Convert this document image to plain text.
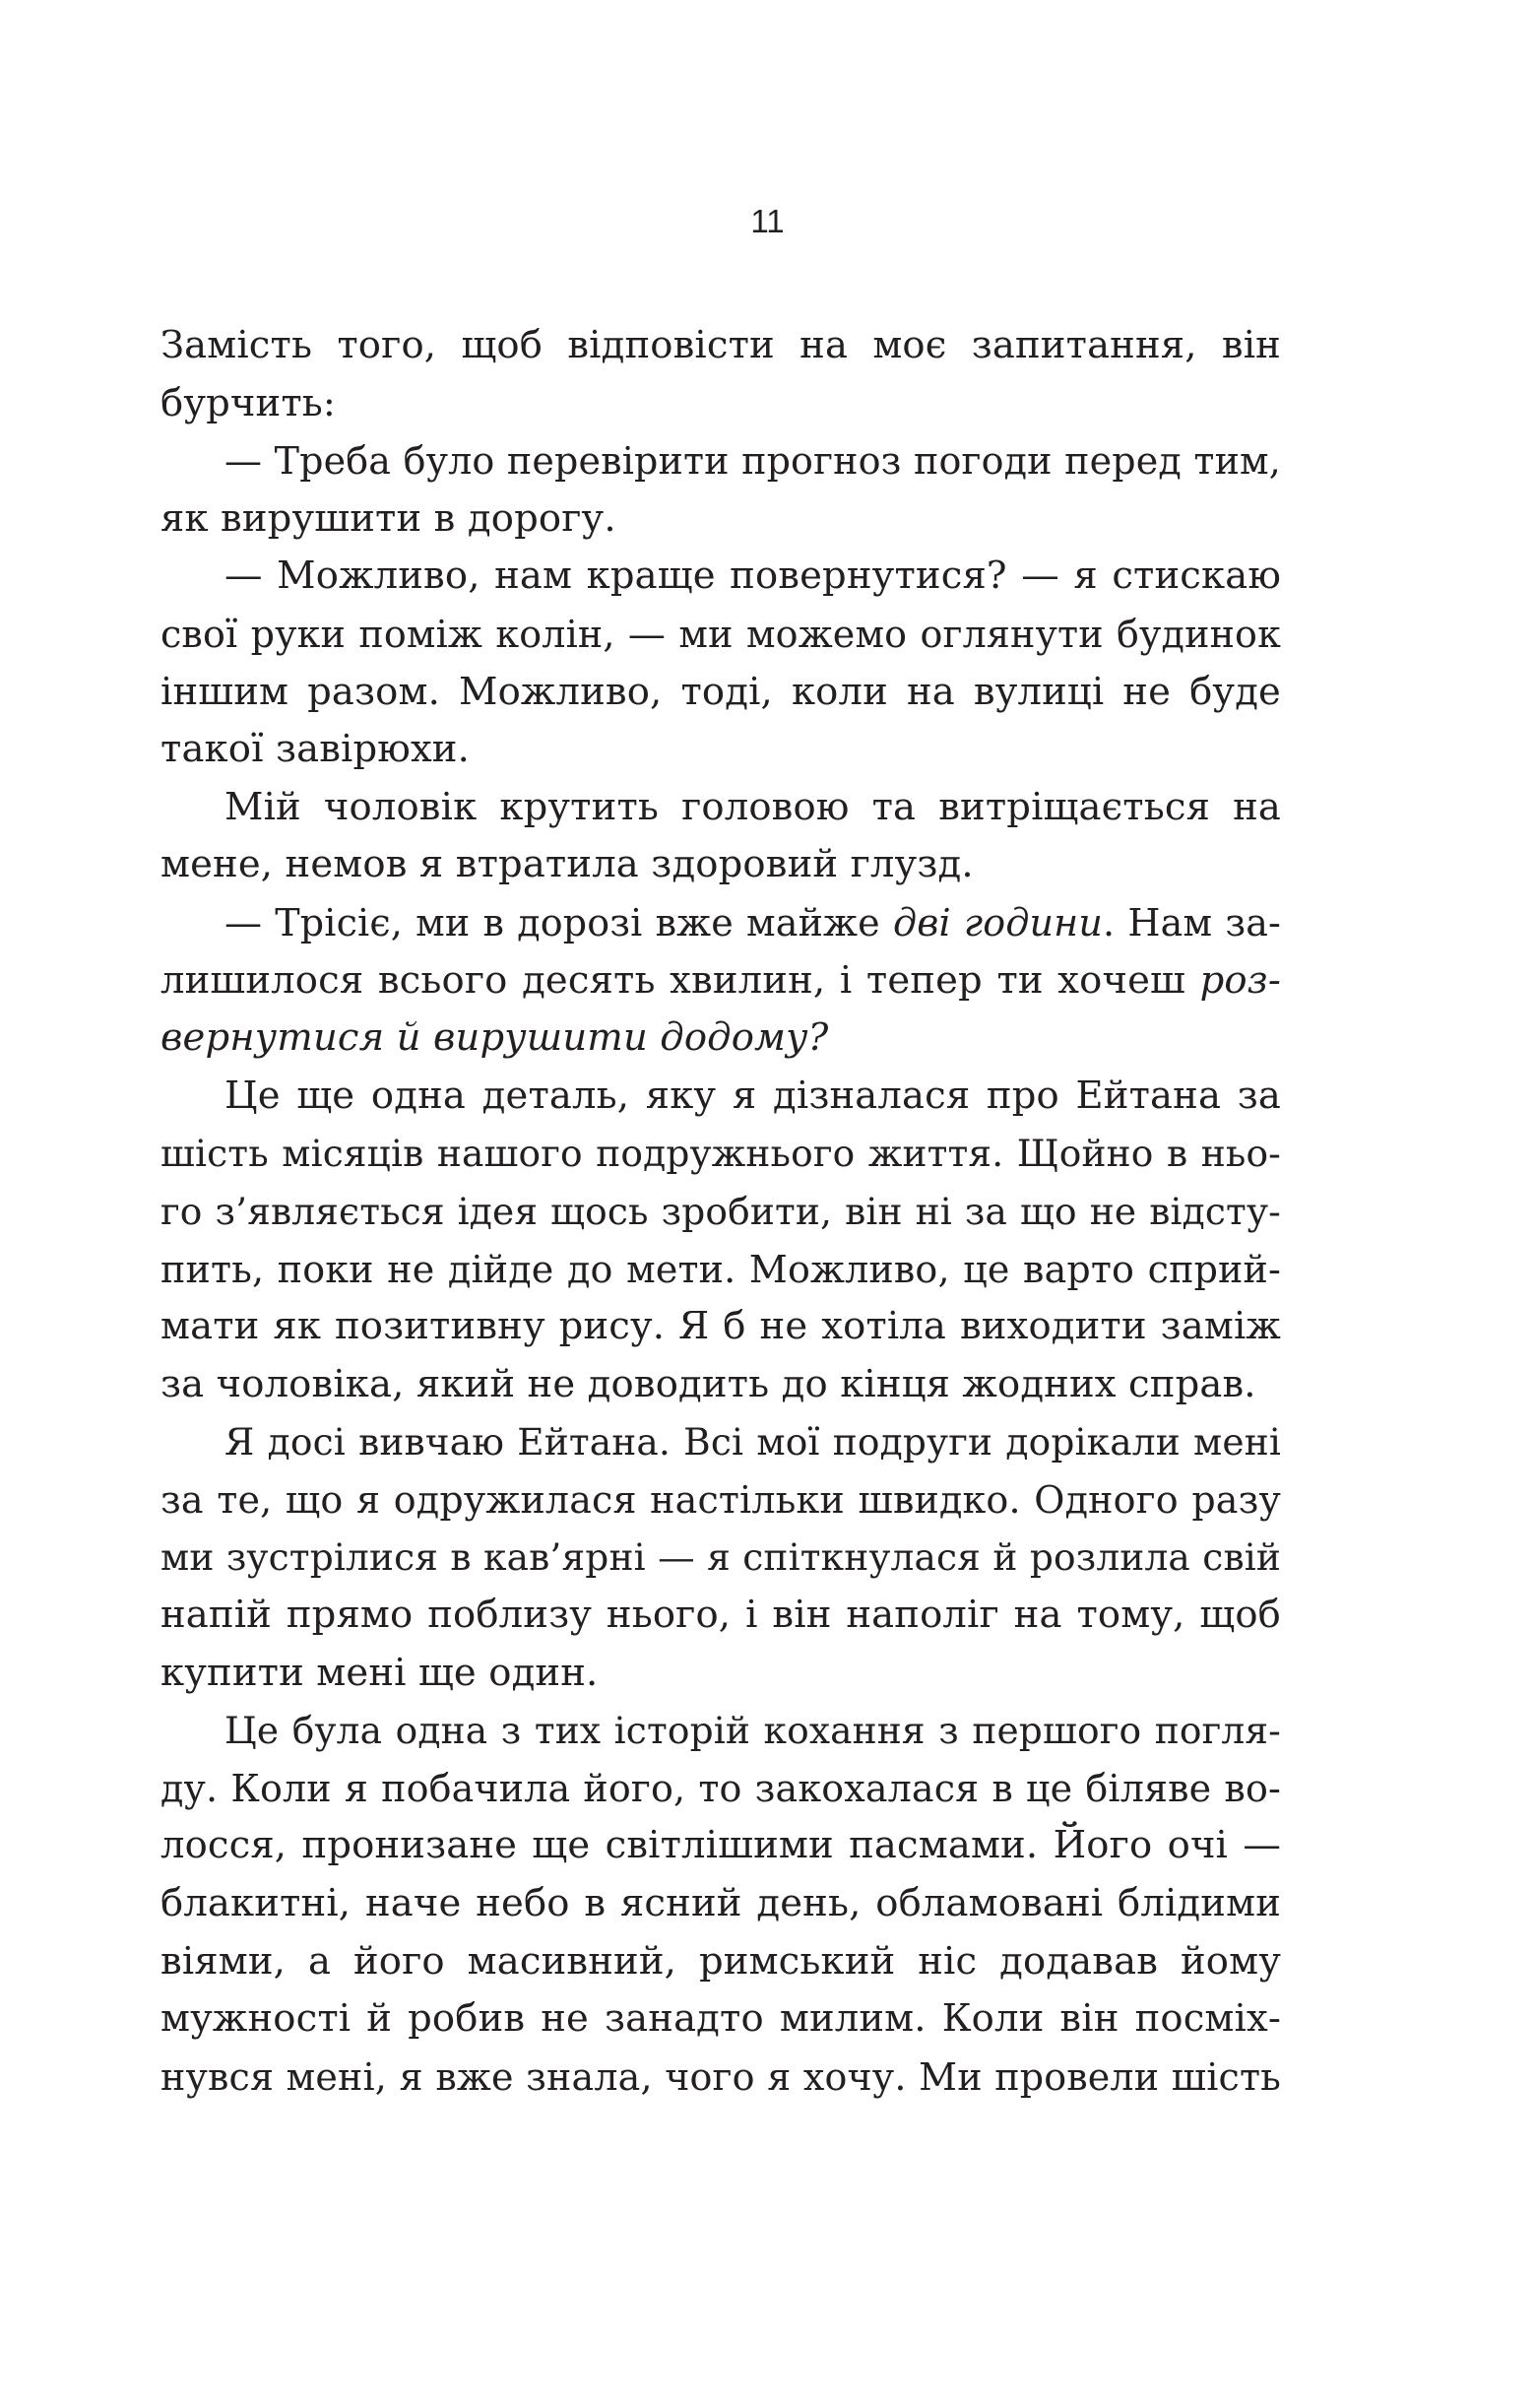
11
Замість того, щоб відповісти на моє запитання, він
бурчить:
— Треба було перевірити прогноз погоди перед тим,
як вирушити в дорогу.
— Можливо, нам краще повернутися? — я стискаю
свої руки поміж колін, — ми можемо оглянути будинок
іншим разом. Можливо, тоді, коли на вулиці не буде
такої завірюхи.
Мій чоловік крутить головою та витріщається на
мене, немов я втратила здоровий глузд.
— Трісіє, ми в дорозі вже майже дві години. Нам за-
лишилося всього десять хвилин, і тепер ти хочеш роз-
вернутися й вирушити додому?
Це ще одна деталь, яку я дізналася про Ейтана за
шість місяців нашого подружнього життя. Щойно в ньо-
го з’являється ідея щось зробити, він ні за що не відсту-
пить, поки не дійде до мети. Можливо, це варто сприй-
мати як позитивну рису. Я б не хотіла виходити заміж
за чоловіка, який не доводить до кінця жодних справ.
Я досі вивчаю Ейтана. Всі мої подруги дорікали мені
за те, що я одружилася настільки швидко. Одного разу
ми зустрілися в кав’ярні — я спіткнулася й розлила свій
напій прямо поблизу нього, і він наполіг на тому, щоб
купити мені ще один.
Це була одна з тих історій кохання з першого погля-
ду. Коли я побачила його, то закохалася в це біляве во-
лосся, пронизане ще світлішими пасмами. Його очі —
блакитні, наче небо в ясний день, обламовані блідими
віями, а його масивний, римський ніс додавав йому
мужності й робив не занадто милим. Коли він посміх-
нувся мені, я вже знала, чого я хочу. Ми провели шість
